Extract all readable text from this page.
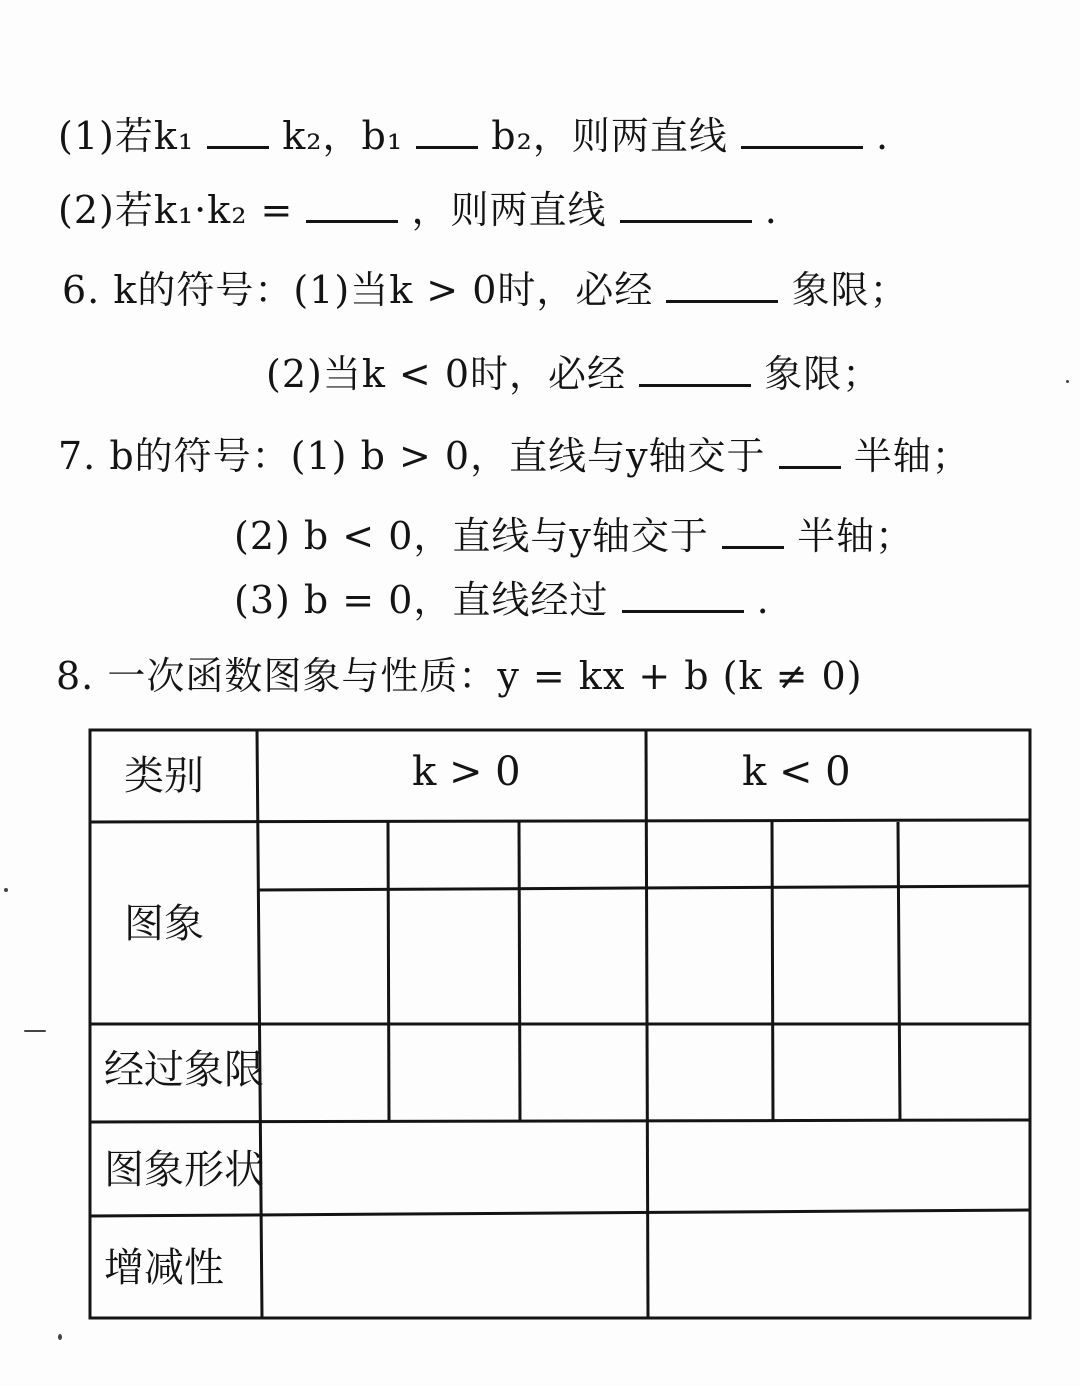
(1)若k₁ k₂，b₁ b₂，则两直线	.
(2)若k₁·k₂ =	，则两直线	.
6. k的符号：(1)当k > 0时，必经	象限；
(2)当k < 0时，必经	象限；
7. b的符号：(1) b > 0，直线与y轴交于 半轴；
(2) b < 0，直线与y轴交于 半轴；
(3) b = 0，直线经过	.
8. 一次函数图象与性质：y = kx + b (k ≠ 0)
类别	k > 0	k < 0
图象
经过象限
图象形状
增减性
